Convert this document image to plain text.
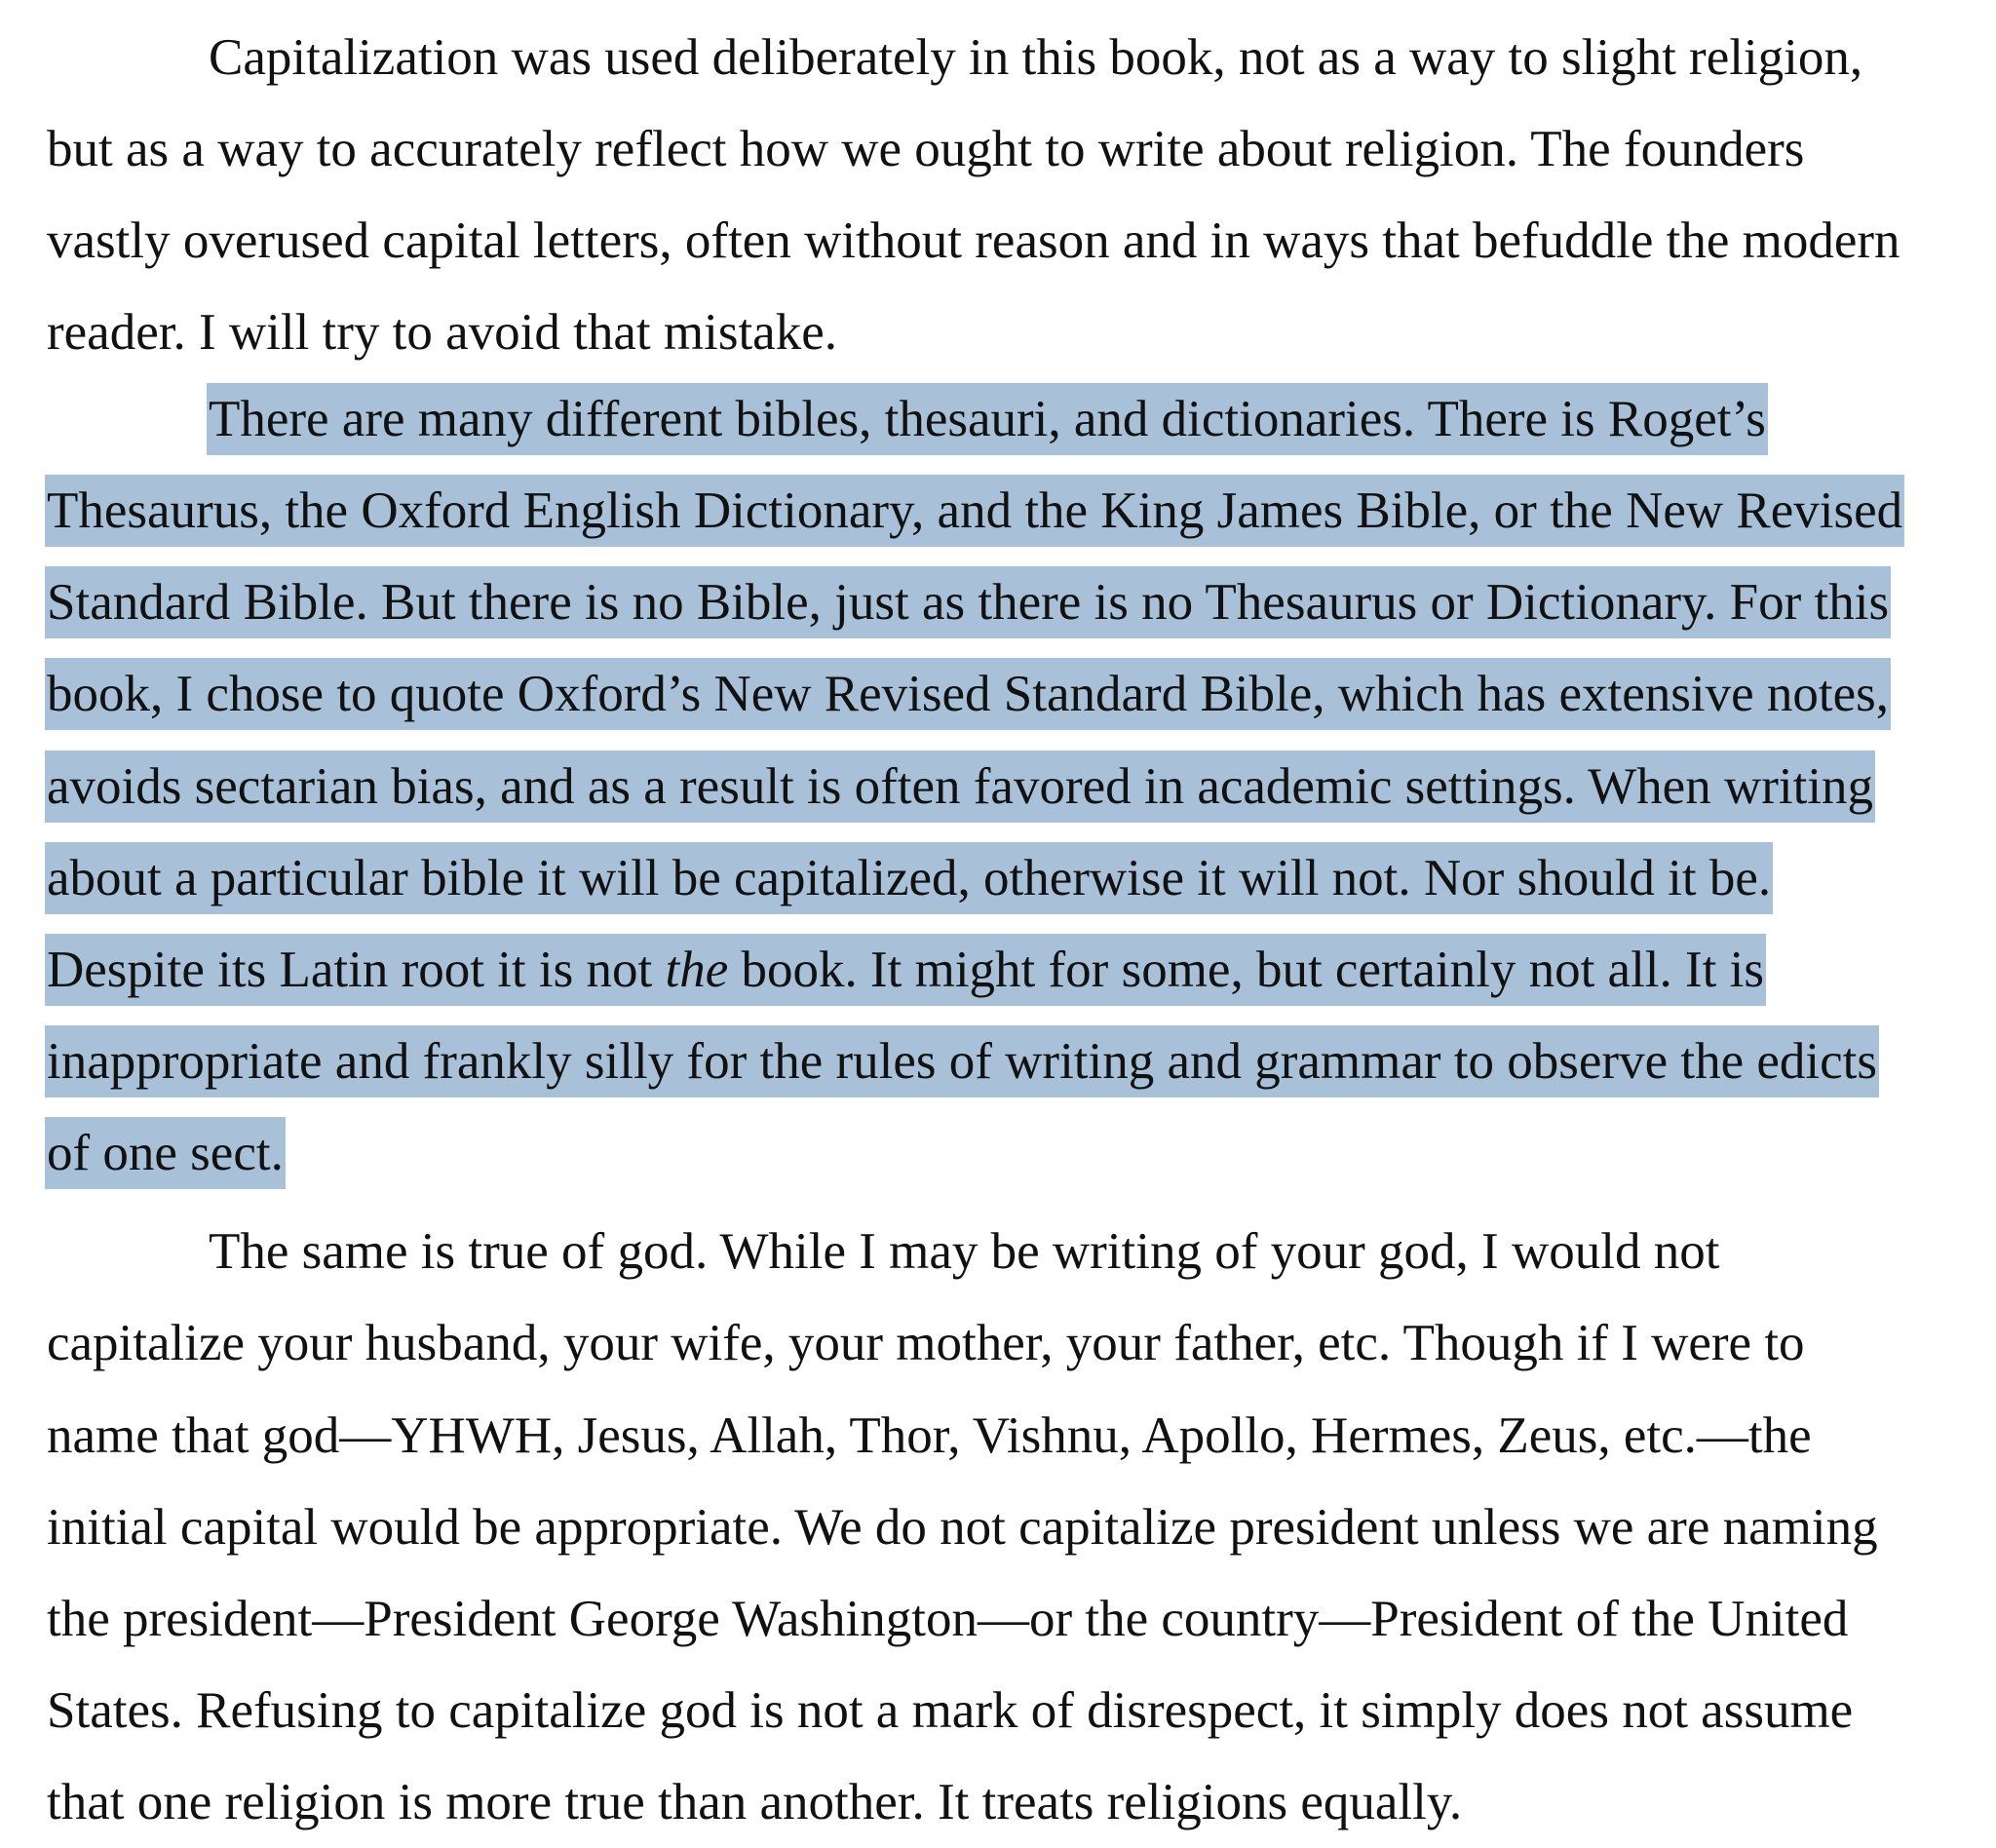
Capitalization was used deliberately in this book, not as a way to slight religion,
but as a way to accurately reflect how we ought to write about religion. The founders
vastly overused capital letters, often without reason and in ways that befuddle the modern
reader. I will try to avoid that mistake.
There are many different bibles, thesauri, and dictionaries. There is Roget’s
Thesaurus, the Oxford English Dictionary, and the King James Bible, or the New Revised
Standard Bible. But there is no Bible, just as there is no Thesaurus or Dictionary. For this
book, I chose to quote Oxford’s New Revised Standard Bible, which has extensive notes,
avoids sectarian bias, and as a result is often favored in academic settings. When writing
about a particular bible it will be capitalized, otherwise it will not. Nor should it be.
Despite its Latin root it is not the book. It might for some, but certainly not all. It is
inappropriate and frankly silly for the rules of writing and grammar to observe the edicts
of one sect.
The same is true of god. While I may be writing of your god, I would not
capitalize your husband, your wife, your mother, your father, etc. Though if I were to
name that god—YHWH, Jesus, Allah, Thor, Vishnu, Apollo, Hermes, Zeus, etc.—the
initial capital would be appropriate. We do not capitalize president unless we are naming
the president—President George Washington—or the country—President of the United
States. Refusing to capitalize god is not a mark of disrespect, it simply does not assume
that one religion is more true than another. It treats religions equally.
